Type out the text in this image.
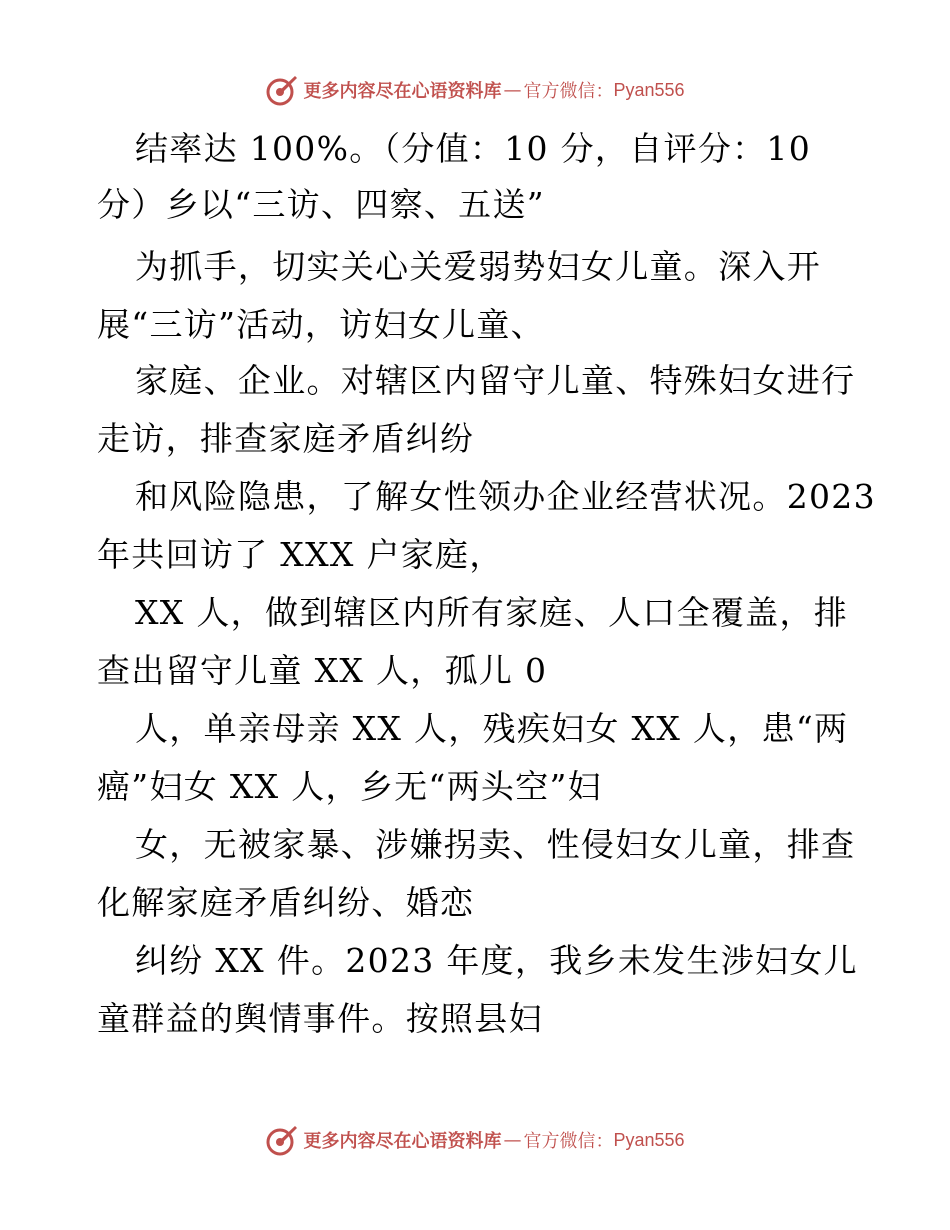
更多内容尽在心语资料库 — 官方微信： Pyan556
结率达 100%。（分值：10 分，自评分：10
分）乡以“三访、四察、五送”
为抓手，切实关心关爱弱势妇女儿童。深入开
展“三访”活动，访妇女儿童、
家庭、企业。对辖区内留守儿童、特殊妇女进行
走访，排查家庭矛盾纠纷
和风险隐患，了解女性领办企业经营状况。2023
年共回访了 XXX 户家庭，
XX 人，做到辖区内所有家庭、人口全覆盖，排
查出留守儿童 XX 人，孤儿 0
人，单亲母亲 XX 人，残疾妇女 XX 人，患“两
癌”妇女 XX 人，乡无“两头空”妇
女，无被家暴、涉嫌拐卖、性侵妇女儿童，排查
化解家庭矛盾纠纷、婚恋
纠纷 XX 件。2023 年度，我乡未发生涉妇女儿
童群益的舆情事件。按照县妇
更多内容尽在心语资料库 — 官方微信： Pyan556
